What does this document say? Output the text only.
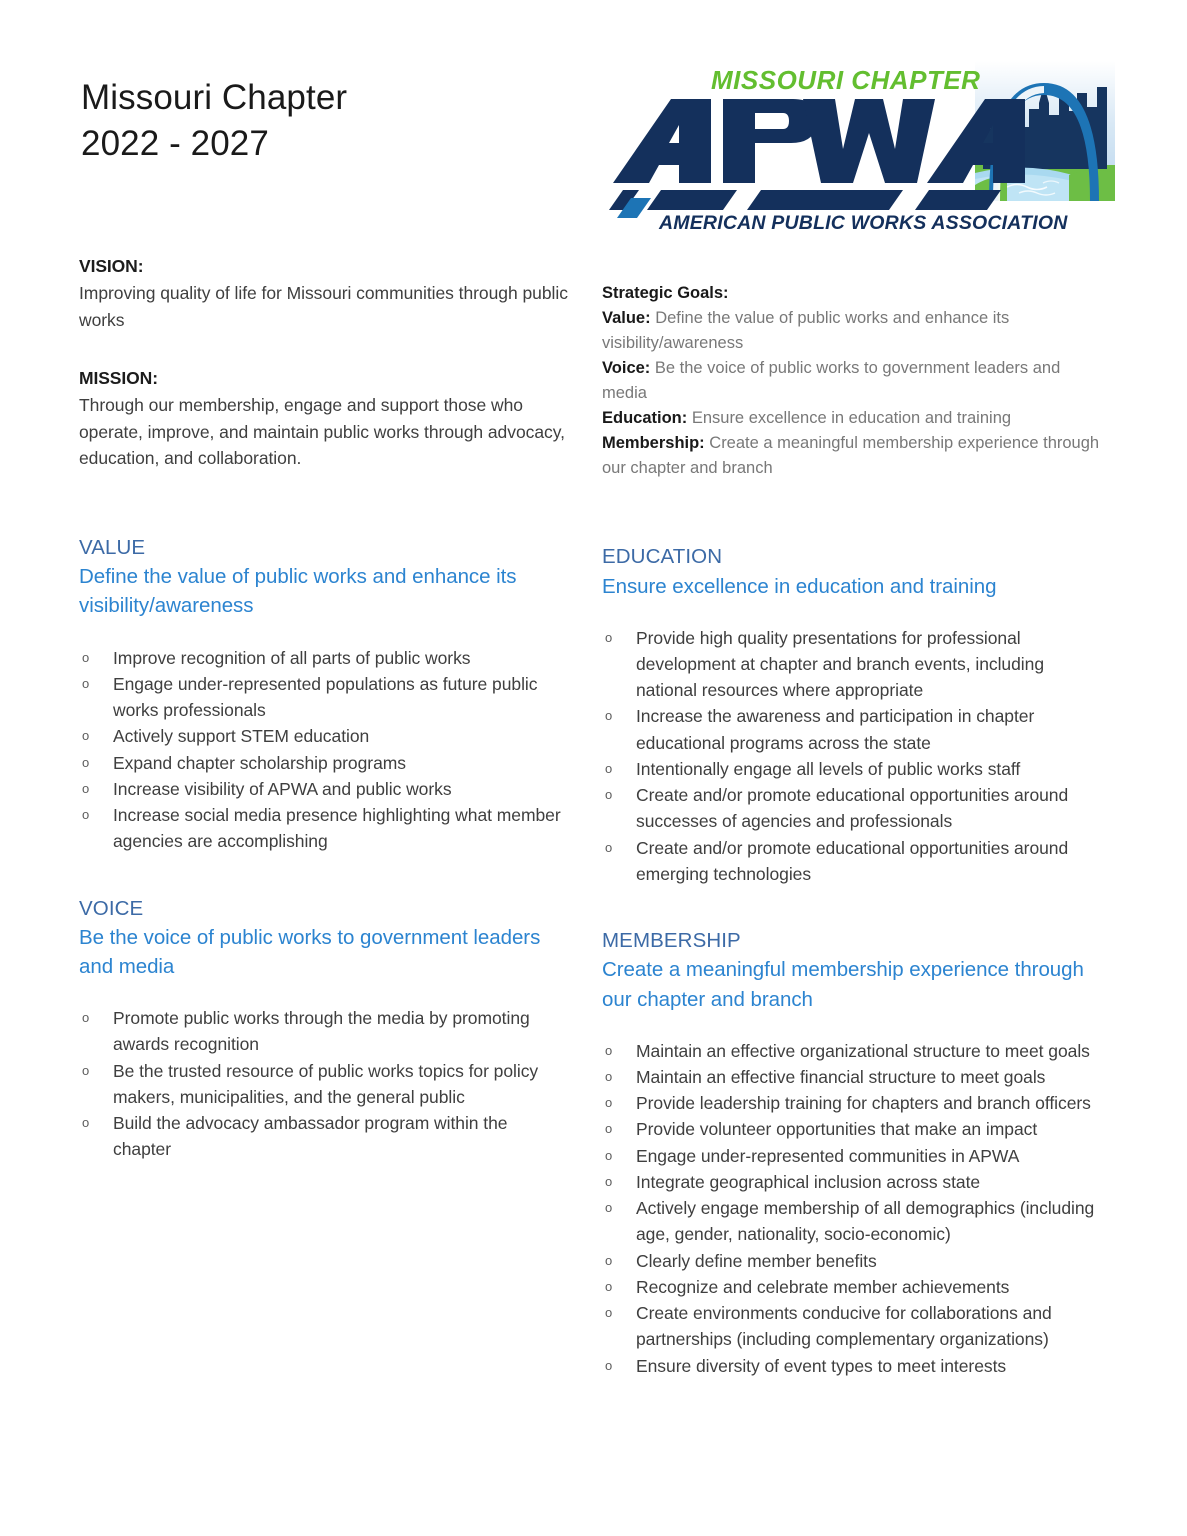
Missouri Chapter

2022 - 2027
MISSOURI CHAPTER
AMERICAN PUBLIC WORKS ASSOCIATION
VISION:
Improving quality of life for Missouri communities through public works
MISSION:
Through our membership, engage and support those who operate, improve, and maintain public works through advocacy, education, and collaboration.
VALUE
Define the value of public works and enhance its visibility/awareness
o Improve recognition of all parts of public works
o Engage under-represented populations as future public works professionals
o Actively support STEM education
o Expand chapter scholarship programs
o Increase visibility of APWA and public works
o Increase social media presence highlighting what member agencies are accomplishing
VOICE
Be the voice of public works to government leaders and media
o Promote public works through the media by promoting awards recognition
o Be the trusted resource of public works topics for policy makers, municipalities, and the general public
o Build the advocacy ambassador program within the chapter
Strategic Goals:
Value: Define the value of public works and enhance its visibility/awareness
Voice: Be the voice of public works to government leaders and media
Education: Ensure excellence in education and training
Membership: Create a meaningful membership experience through our chapter and branch
EDUCATION
Ensure excellence in education and training
o Provide high quality presentations for professional development at chapter and branch events, including national resources where appropriate
o Increase the awareness and participation in chapter educational programs across the state
o Intentionally engage all levels of public works staff
o Create and/or promote educational opportunities around successes of agencies and professionals
o Create and/or promote educational opportunities around emerging technologies
MEMBERSHIP
Create a meaningful membership experience through our chapter and branch
o Maintain an effective organizational structure to meet goals
o Maintain an effective financial structure to meet goals
o Provide leadership training for chapters and branch officers
o Provide volunteer opportunities that make an impact
o Engage under-represented communities in APWA
o Integrate geographical inclusion across state
o Actively engage membership of all demographics (including age, gender, nationality, socio-economic)
o Clearly define member benefits
o Recognize and celebrate member achievements
o Create environments conducive for collaborations and partnerships (including complementary organizations)
o Ensure diversity of event types to meet interests
